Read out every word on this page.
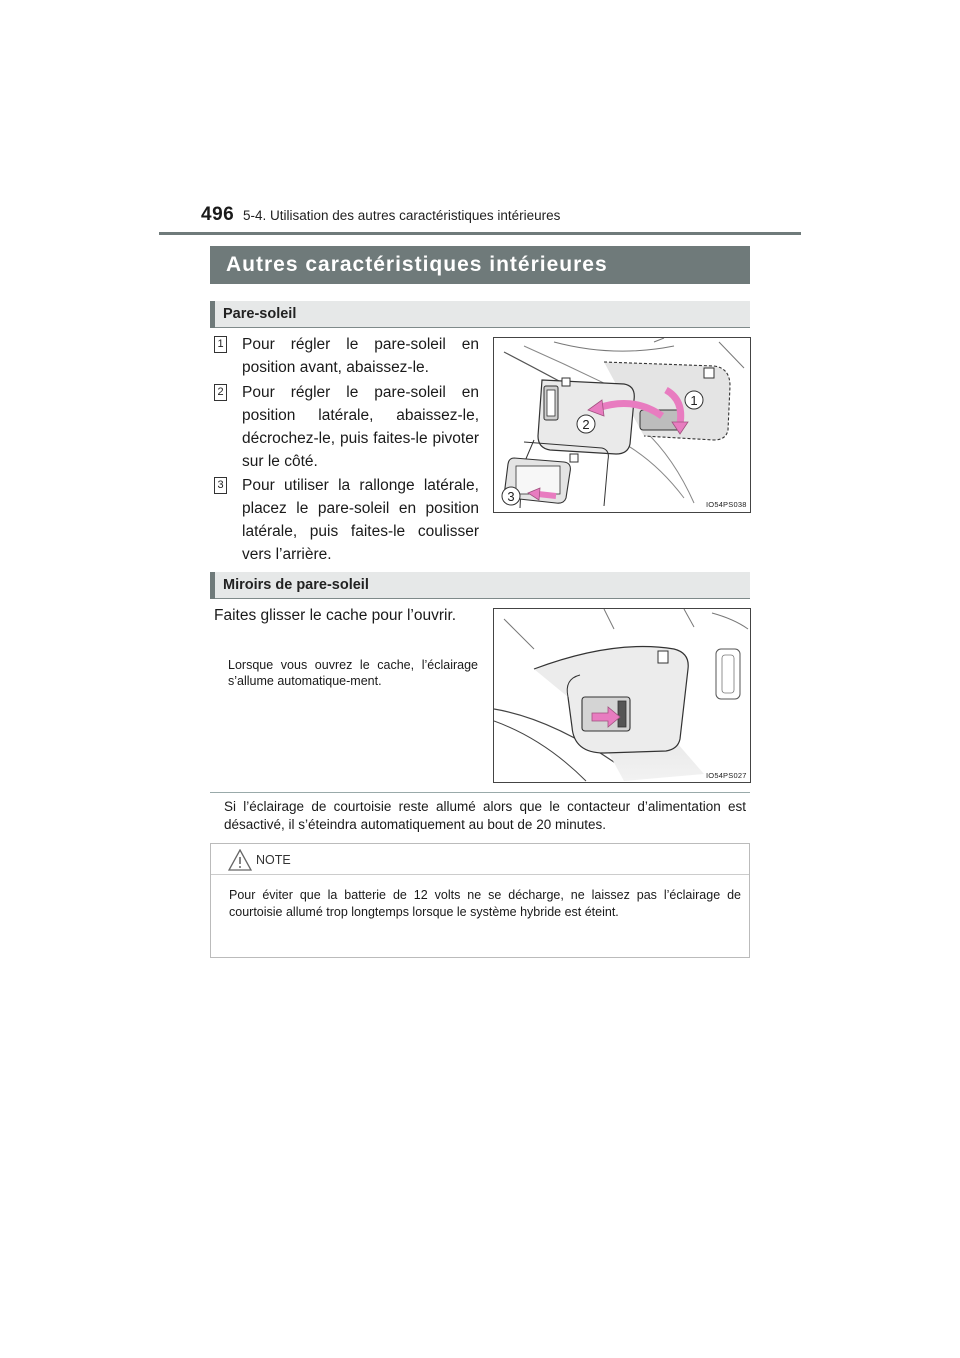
496 5-4. Utilisation des autres caractéristiques intérieures
Autres caractéristiques intérieures
Pare-soleil
1 Pour régler le pare-soleil en position avant, abaissez-le.
2 Pour régler le pare-soleil en position latérale, abaissez-le, décrochez-le, puis faites-le pivoter sur le côté.
3 Pour utiliser la rallonge latérale, placez le pare-soleil en position latérale, puis faites-le coulisser vers l’arrière.
1
2
3
IO54PS038
Miroirs de pare-soleil
Faites glisser le cache pour l’ouvrir.
Lorsque vous ouvrez le cache, l’éclairage s’allume automatique-ment.
IO54PS027
Si l’éclairage de courtoisie reste allumé alors que le contacteur d’alimentation est désactivé, il s’éteindra automatiquement au bout de 20 minutes.
NOTE
Pour éviter que la batterie de 12 volts ne se décharge, ne laissez pas l’éclairage de courtoisie allumé trop longtemps lorsque le système hybride est éteint.
